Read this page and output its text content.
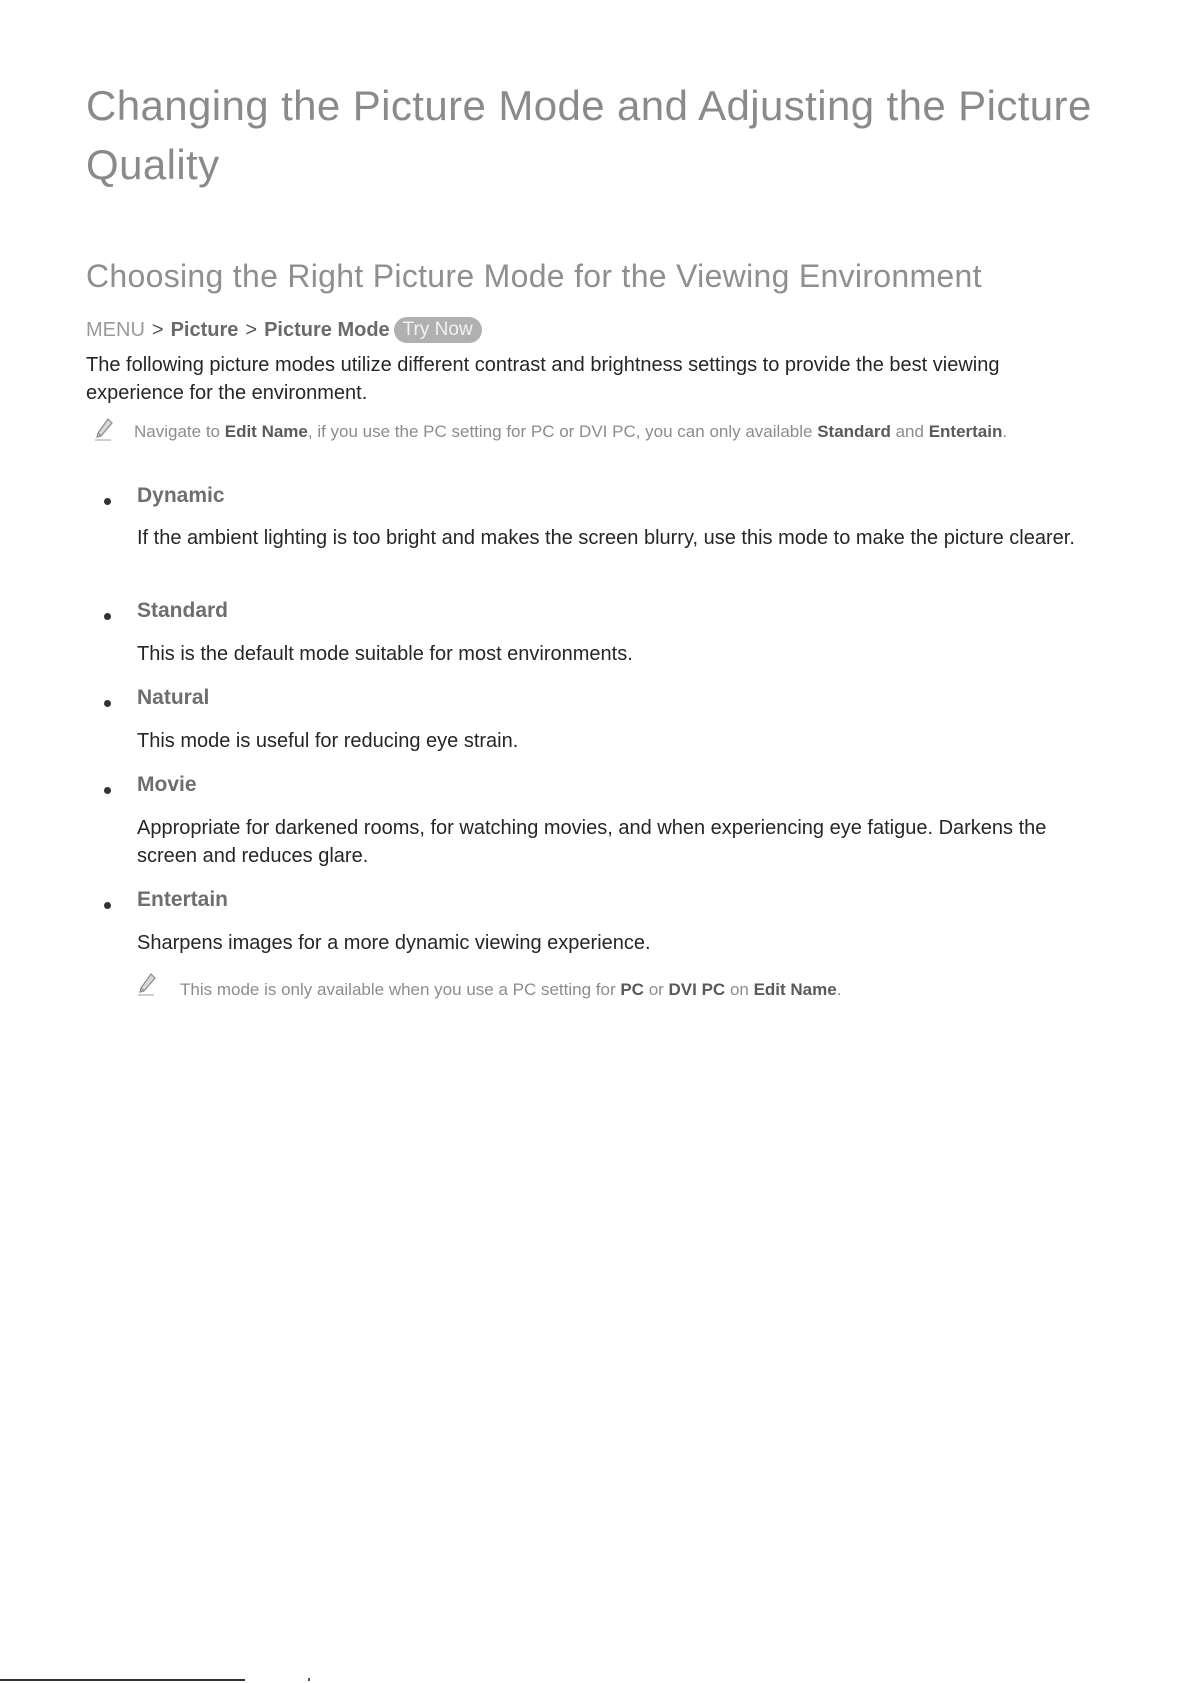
Changing the Picture Mode and Adjusting the Picture Quality
Choosing the Right Picture Mode for the Viewing Environment
MENU > Picture > Picture Mode Try Now

The following picture modes utilize different contrast and brightness settings to provide the best viewing experience for the environment.

Navigate to Edit Name, if you use the PC setting for PC or DVI PC, you can only available Standard and Entertain.

Dynamic

If the ambient lighting is too bright and makes the screen blurry, use this mode to make the picture clearer.

Standard

This is the default mode suitable for most environments.

Natural

This mode is useful for reducing eye strain.

Movie

Appropriate for darkened rooms, for watching movies, and when experiencing eye fatigue. Darkens the screen and reduces glare.

Entertain

Sharpens images for a more dynamic viewing experience.

This mode is only available when you use a PC setting for PC or DVI PC on Edit Name.
